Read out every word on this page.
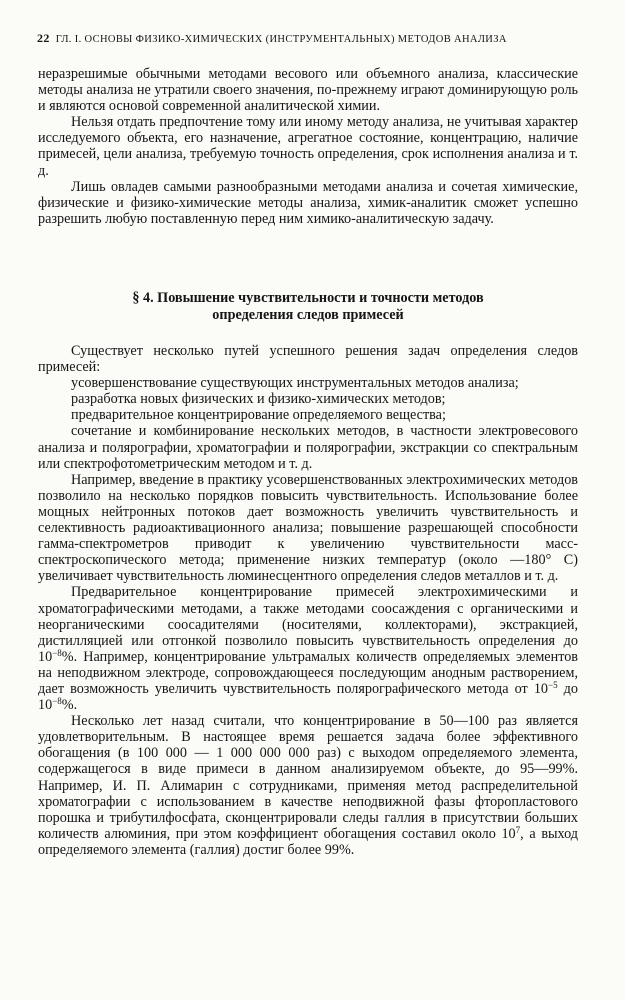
22 ГЛ. I. ОСНОВЫ ФИЗИКО-ХИМИЧЕСКИХ (ИНСТРУМЕНТАЛЬНЫХ) МЕТОДОВ АНАЛИЗА

неразрешимые обычными методами весового или объемного анализа, классические методы анализа не утратили своего значения, по-прежнему играют доминирующую роль и являются основой современной аналитической химии.

Нельзя отдать предпочтение тому или иному методу анализа, не учитывая характер исследуемого объекта, его назначение, агрегатное состояние, концентрацию, наличие примесей, цели анализа, требуемую точность определения, срок исполнения анализа и т. д.

Лишь овладев самыми разнообразными методами анализа и сочетая химические, физические и физико-химические методы анализа, химик-аналитик сможет успешно разрешить любую поставленную перед ним химико-аналитическую задачу.

§ 4. Повышение чувствительности и точности методов
определения следов примесей

Существует несколько путей успешного решения задач определения следов примесей:

усовершенствование существующих инструментальных методов анализа;

разработка новых физических и физико-химических методов;

предварительное концентрирование определяемого вещества;

сочетание и комбинирование нескольких методов, в частности электровесового анализа и полярографии, хроматографии и полярографии, экстракции со спектральным или спектрофотометрическим методом и т. д.

Например, введение в практику усовершенствованных электрохимических методов позволило на несколько порядков повысить чувствительность. Использование более мощных нейтронных потоков дает возможность увеличить чувствительность и селективность радиоактивационного анализа; повышение разрешающей способности гамма-спектрометров приводит к увеличению чувствительности масс-спектроскопического метода; применение низких температур (около —180° С) увеличивает чувствительность люминесцентного определения следов металлов и т. д.

Предварительное концентрирование примесей электрохимическими и хроматографическими методами, а также методами соосаждения с органическими и неорганическими соосадителями (носителями, коллекторами), экстракцией, дистилляцией или отгонкой позволило повысить чувствительность определения до $10^{-8}\%$. Например, концентрирование ультрамалых количеств определяемых элементов на неподвижном электроде, сопровождающееся последующим анодным растворением, дает возможность увеличить чувствительность полярографического метода от $10^{-5}$ до $10^{-8}\%$.

Несколько лет назад считали, что концентрирование в 50—100 раз является удовлетворительным. В настоящее время решается задача более эффективного обогащения (в 100 000 — 1 000 000 000 раз) с выходом определяемого элемента, содержащегося в виде примеси в данном анализируемом объекте, до 95—99%. Например, И. П. Алимарин с сотрудниками, применяя метод распределительной хроматографии с использованием в качестве неподвижной фазы фторопластового порошка и трибутилфосфата, сконцентрировали следы галлия в присутствии больших количеств алюминия, при этом коэффициент обогащения составил около $10^7$, а выход определяемого элемента (галлия) достиг более 99%.
